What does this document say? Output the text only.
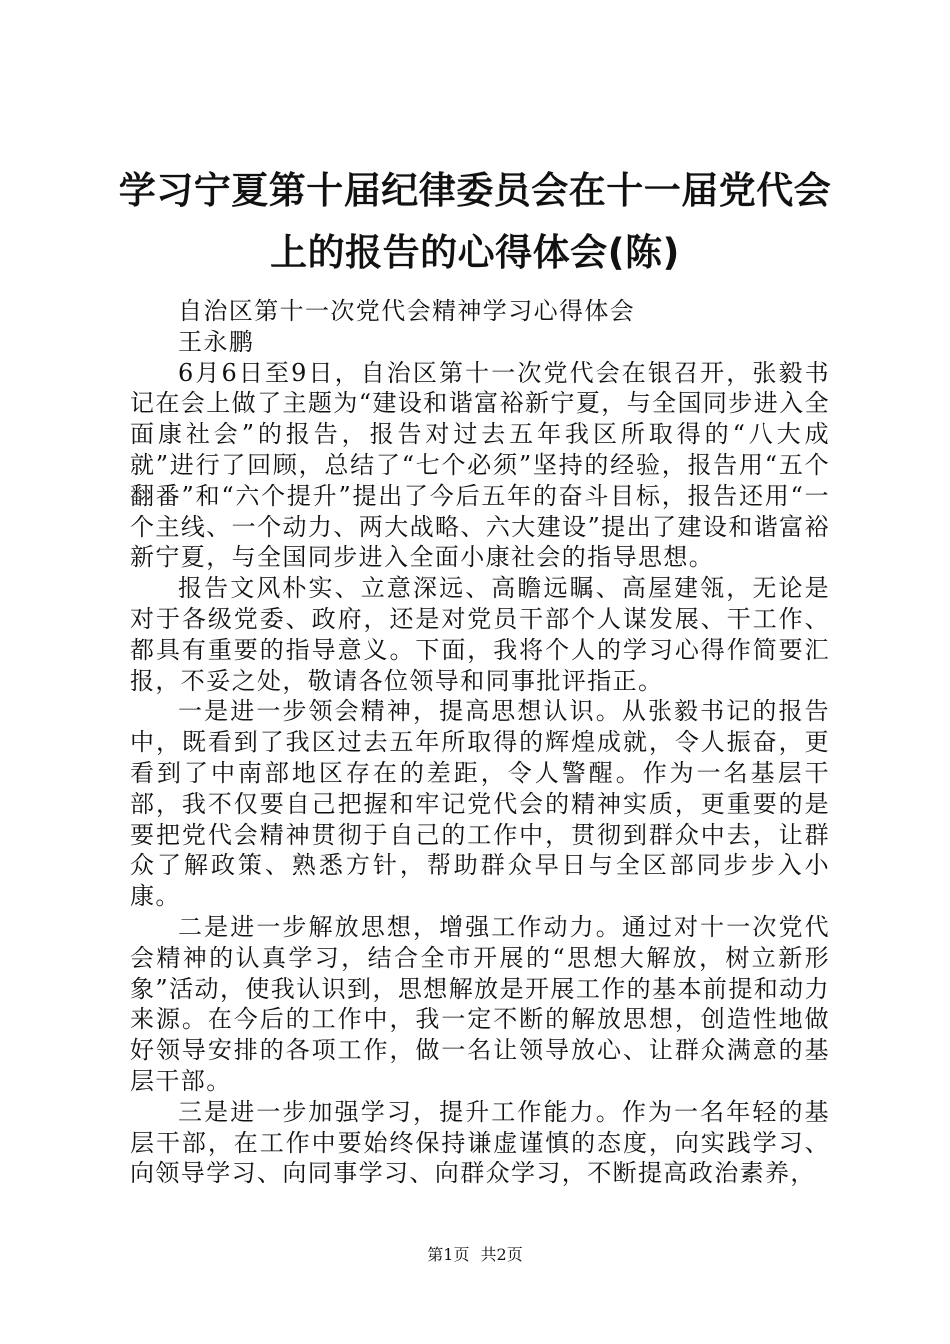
学习宁夏第十届纪律委员会在十一届党代会上的报告的心得体会(陈)

自治区第十一次党代会精神学习心得体会

王永鹏

6月6日至9日，自治区第十一次党代会在银召开，张毅书记在会上做了主题为“建设和谐富裕新宁夏，与全国同步进入全面康社会”的报告，报告对过去五年我区所取得的“八大成就”进行了回顾，总结了“七个必须”坚持的经验，报告用“五个翻番”和“六个提升”提出了今后五年的奋斗目标，报告还用“一个主线、一个动力、两大战略、六大建设”提出了建设和谐富裕新宁夏，与全国同步进入全面小康社会的指导思想。

报告文风朴实、立意深远、高瞻远瞩、高屋建瓴，无论是对于各级党委、政府，还是对党员干部个人谋发展、干工作、都具有重要的指导意义。下面，我将个人的学习心得作简要汇报，不妥之处，敬请各位领导和同事批评指正。

一是进一步领会精神，提高思想认识。从张毅书记的报告中，既看到了我区过去五年所取得的辉煌成就，令人振奋，更看到了中南部地区存在的差距，令人警醒。作为一名基层干部，我不仅要自己把握和牢记党代会的精神实质，更重要的是要把党代会精神贯彻于自己的工作中，贯彻到群众中去，让群众了解政策、熟悉方针，帮助群众早日与全区部同步步入小康。

二是进一步解放思想，增强工作动力。通过对十一次党代会精神的认真学习，结合全市开展的“思想大解放，树立新形象”活动，使我认识到，思想解放是开展工作的基本前提和动力来源。在今后的工作中，我一定不断的解放思想，创造性地做好领导安排的各项工作，做一名让领导放心、让群众满意的基层干部。

三是进一步加强学习，提升工作能力。作为一名年轻的基层干部，在工作中要始终保持谦虚谨慎的态度，向实践学习、向领导学习、向同事学习、向群众学习，不断提高政治素养，

第1页 共2页
